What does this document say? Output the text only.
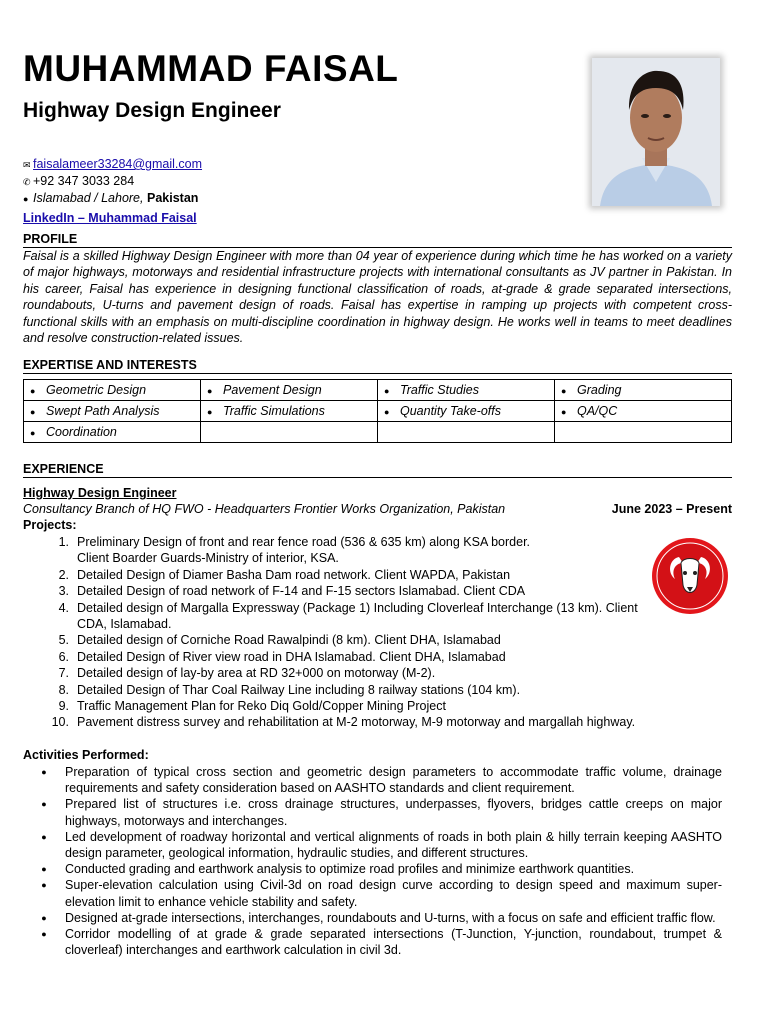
MUHAMMAD FAISAL
Highway Design Engineer
✉ faisalameer33284@gmail.com
✆ +92 347 3033 284
● Islamabad / Lahore, Pakistan
LinkedIn – Muhammad Faisal
PROFILE
Faisal is a skilled Highway Design Engineer with more than 04 year of experience during which time he has worked on a variety of major highways, motorways and residential infrastructure projects with international consultants as JV partner in Pakistan. In his career, Faisal has experience in designing functional classification of roads, at-grade & grade separated intersections, roundabouts, U-turns and pavement design of roads. Faisal has expertise in ramping up projects with competent cross-functional skills with an emphasis on multi-discipline coordination in highway design. He works well in teams to meet deadlines and resolve construction-related issues.
EXPERTISE AND INTERESTS
● Geometric Design	● Pavement Design	● Traffic Studies	● Grading
● Swept Path Analysis	● Traffic Simulations	● Quantity Take-offs	● QA/QC
● Coordination			
EXPERIENCE
Highway Design Engineer
Consultancy Branch of HQ FWO - Headquarters Frontier Works Organization, Pakistan	June 2023 – Present
Projects:
1. Preliminary Design of front and rear fence road (536 & 635 km) along KSA border.
Client Boarder Guards-Ministry of interior, KSA.
2. Detailed Design of Diamer Basha Dam road network. Client WAPDA, Pakistan
3. Detailed Design of road network of F-14 and F-15 sectors Islamabad. Client CDA
4. Detailed design of Margalla Expressway (Package 1) Including Cloverleaf Interchange (13 km). Client
CDA, Islamabad.
5. Detailed design of Corniche Road Rawalpindi (8 km). Client DHA, Islamabad
6. Detailed Design of River view road in DHA Islamabad. Client DHA, Islamabad
7. Detailed design of lay-by area at RD 32+000 on motorway (M-2).
8. Detailed Design of Thar Coal Railway Line including 8 railway stations (104 km).
9. Traffic Management Plan for Reko Diq Gold/Copper Mining Project
10. Pavement distress survey and rehabilitation at M-2 motorway, M-9 motorway and margallah highway.
Activities Performed:
●	Preparation of typical cross section and geometric design parameters to accommodate traffic volume, drainage requirements and safety consideration based on AASHTO standards and client requirement.
●	Prepared list of structures i.e. cross drainage structures, underpasses, flyovers, bridges cattle creeps on major highways, motorways and interchanges.
●	Led development of roadway horizontal and vertical alignments of roads in both plain & hilly terrain keeping AASHTO design parameter, geological information, hydraulic studies, and different structures.
●	Conducted grading and earthwork analysis to optimize road profiles and minimize earthwork quantities.
●	Super-elevation calculation using Civil-3d on road design curve according to design speed and maximum super-elevation limit to enhance vehicle stability and safety.
●	Designed at-grade intersections, interchanges, roundabouts and U-turns, with a focus on safe and efficient traffic flow.
●	Corridor modelling of at grade & grade separated intersections (T-Junction, Y-junction, roundabout, trumpet & cloverleaf) interchanges and earthwork calculation in civil 3d.
